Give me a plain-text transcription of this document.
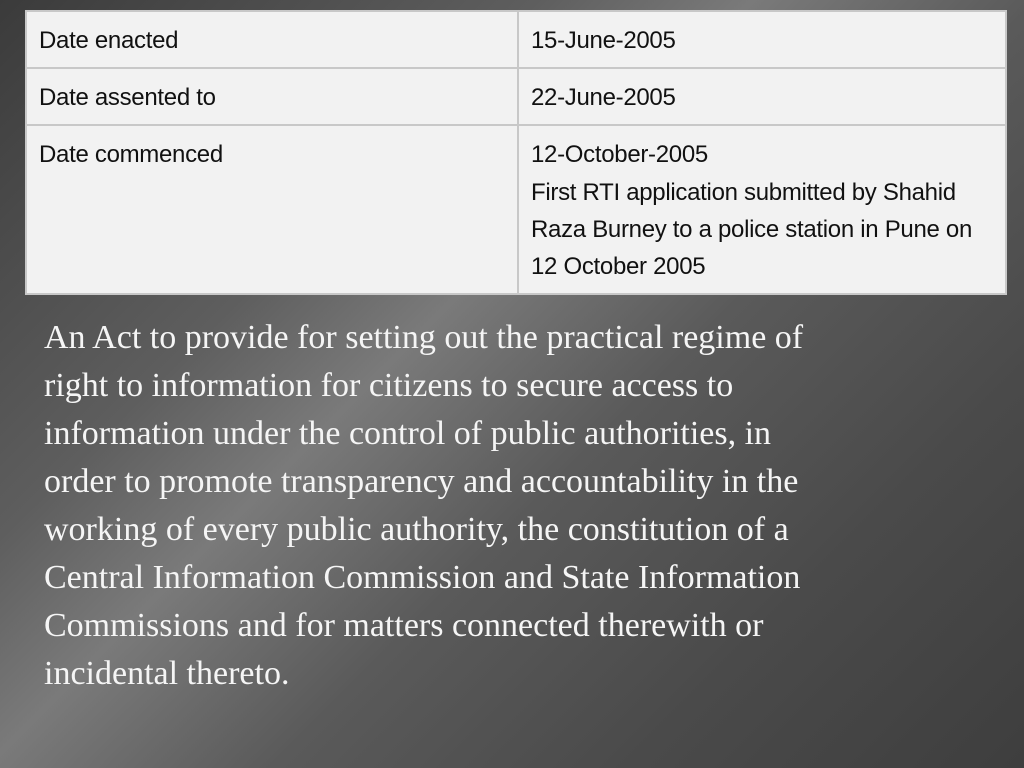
Date enacted	15-June-2005

Date assented to	22-June-2005

Date commenced	12-October-2005
First RTI application submitted by Shahid
Raza Burney to a police station in Pune on
12 October 2005

An Act to provide for setting out the practical regime of
right to information for citizens to secure access to
information under the control of public authorities, in
order to promote transparency and accountability in the
working of every public authority, the constitution of a
Central Information Commission and State Information
Commissions and for matters connected therewith or
incidental thereto.
